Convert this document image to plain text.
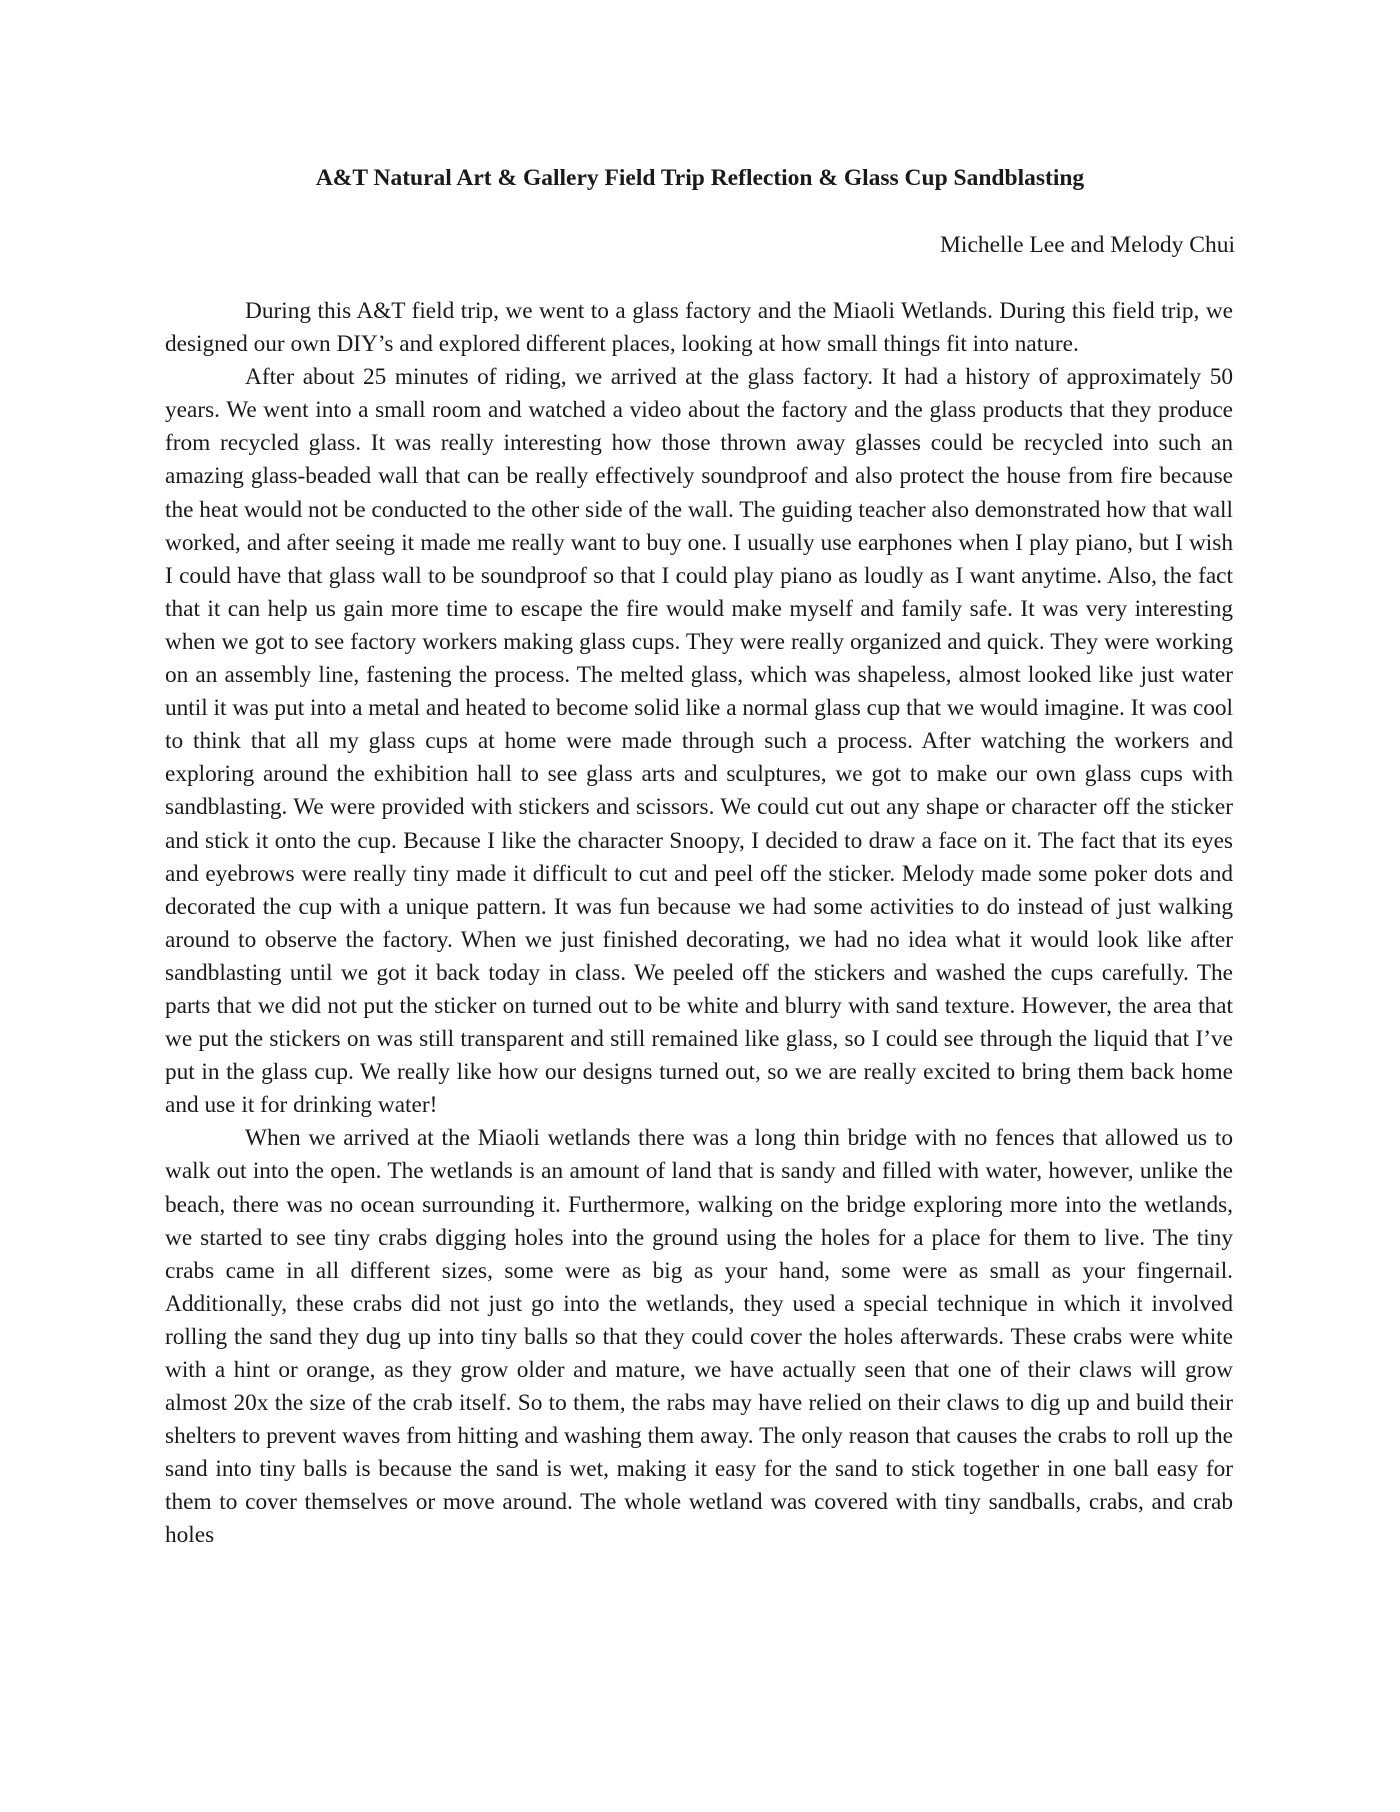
A&T Natural Art & Gallery Field Trip Reflection & Glass Cup Sandblasting

Michelle Lee and Melody Chui

During this A&T field trip, we went to a glass factory and the Miaoli Wetlands. During this field trip, we designed our own DIY’s and explored different places, looking at how small things fit into nature.

After about 25 minutes of riding, we arrived at the glass factory. It had a history of approximately 50 years. We went into a small room and watched a video about the factory and the glass products that they produce from recycled glass. It was really interesting how those thrown away glasses could be recycled into such an amazing glass-beaded wall that can be really effectively soundproof and also protect the house from fire because the heat would not be conducted to the other side of the wall. The guiding teacher also demonstrated how that wall worked, and after seeing it made me really want to buy one. I usually use earphones when I play piano, but I wish I could have that glass wall to be soundproof so that I could play piano as loudly as I want anytime. Also, the fact that it can help us gain more time to escape the fire would make myself and family safe. It was very interesting when we got to see factory workers making glass cups. They were really organized and quick. They were working on an assembly line, fastening the process. The melted glass, which was shapeless, almost looked like just water until it was put into a metal and heated to become solid like a normal glass cup that we would imagine. It was cool to think that all my glass cups at home were made through such a process. After watching the workers and exploring around the exhibition hall to see glass arts and sculptures, we got to make our own glass cups with sandblasting. We were provided with stickers and scissors. We could cut out any shape or character off the sticker and stick it onto the cup. Because I like the character Snoopy, I decided to draw a face on it. The fact that its eyes and eyebrows were really tiny made it difficult to cut and peel off the sticker. Melody made some poker dots and decorated the cup with a unique pattern. It was fun because we had some activities to do instead of just walking around to observe the factory. When we just finished decorating, we had no idea what it would look like after sandblasting until we got it back today in class. We peeled off the stickers and washed the cups carefully. The parts that we did not put the sticker on turned out to be white and blurry with sand texture. However, the area that we put the stickers on was still transparent and still remained like glass, so I could see through the liquid that I’ve put in the glass cup. We really like how our designs turned out, so we are really excited to bring them back home and use it for drinking water!

When we arrived at the Miaoli wetlands there was a long thin bridge with no fences that allowed us to walk out into the open. The wetlands is an amount of land that is sandy and filled with water, however, unlike the beach, there was no ocean surrounding it. Furthermore, walking on the bridge exploring more into the wetlands, we started to see tiny crabs digging holes into the ground using the holes for a place for them to live. The tiny crabs came in all different sizes, some were as big as your hand, some were as small as your fingernail. Additionally, these crabs did not just go into the wetlands, they used a special technique in which it involved rolling the sand they dug up into tiny balls so that they could cover the holes afterwards. These crabs were white with a hint or orange, as they grow older and mature, we have actually seen that one of their claws will grow almost 20x the size of the crab itself. So to them, the rabs may have relied on their claws to dig up and build their shelters to prevent waves from hitting and washing them away. The only reason that causes the crabs to roll up the sand into tiny balls is because the sand is wet, making it easy for the sand to stick together in one ball easy for them to cover themselves or move around. The whole wetland was covered with tiny sandballs, crabs, and crab holes
